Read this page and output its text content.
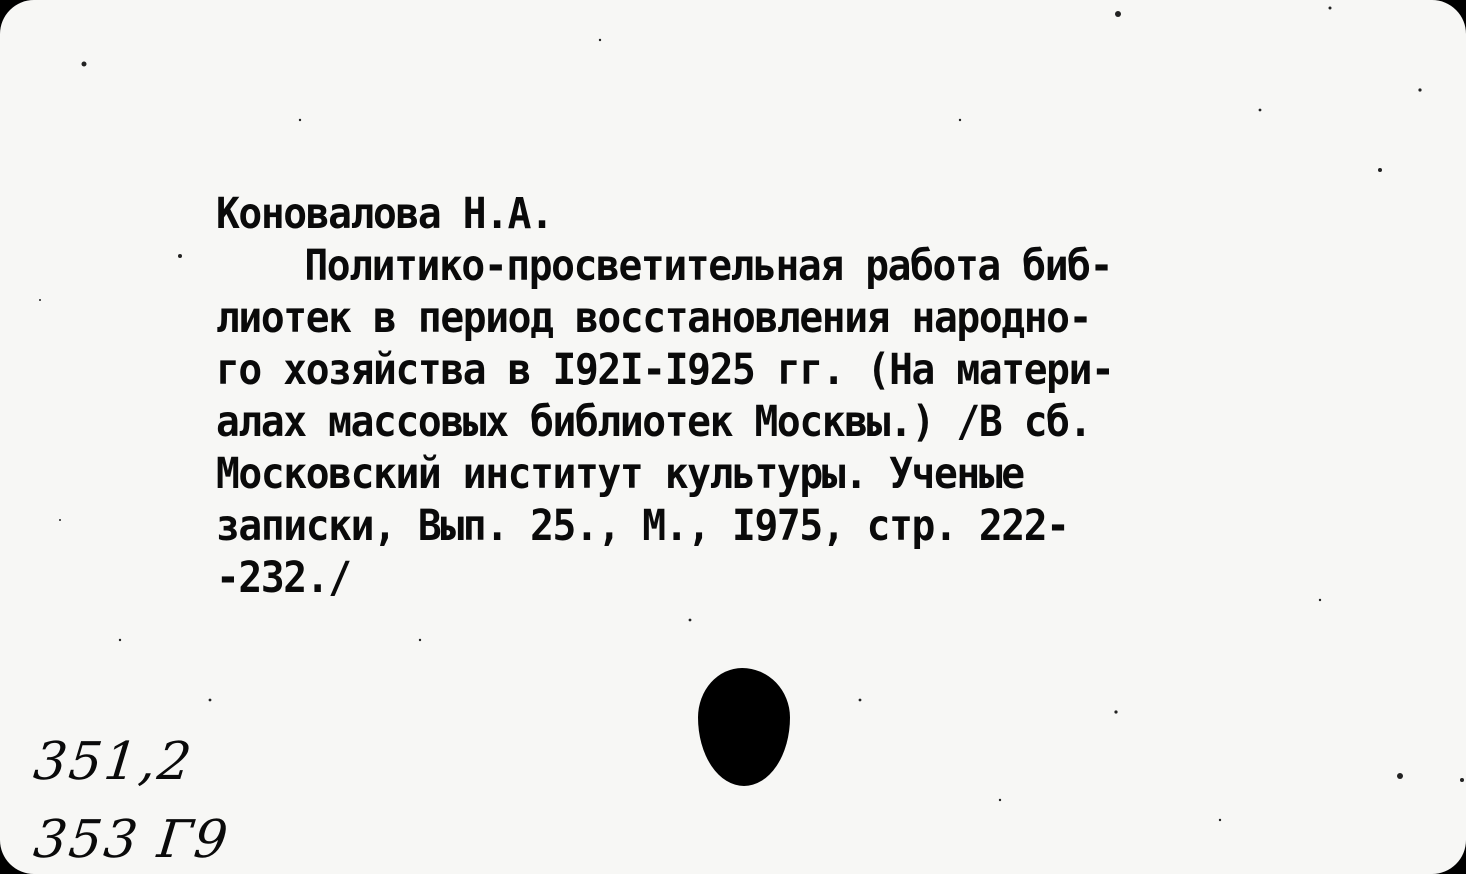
Коновалова Н.А.
Политико-просветительная работа биб-
лиотек в период восстановления народно-
го хозяйства в I92I-I925 гг. (На матери-
алах массовых библиотек Москвы.) /В сб.
Московский институт культуры. Ученые
записки, Вып. 25., М., I975, стр. 222-
-232./
351,2
353 Г9
